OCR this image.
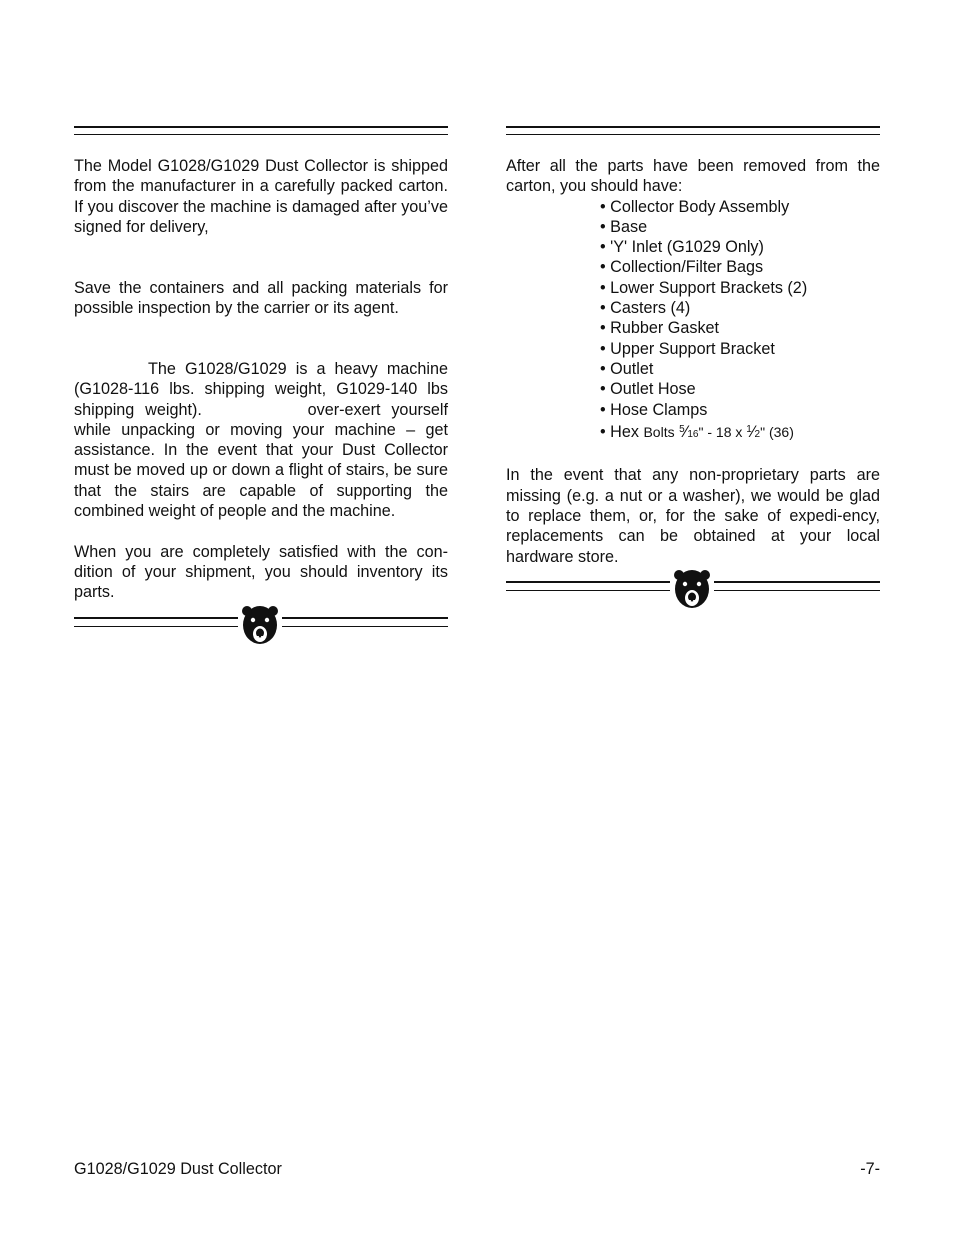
The Model G1028/G1029 Dust Collector is shipped from the manufacturer in a carefully packed carton. If you discover the machine is damaged after you’ve signed for delivery,

Save the containers and all packing materials for possible inspection by the carrier or its agent.

The G1028/G1029 is a heavy machine (G1028-116 lbs. shipping weight, G1029-140 lbs shipping weight).	over-exert yourself while unpacking or moving your machine – get assistance. In the event that your Dust Collector must be moved up or down a flight of stairs, be sure that the stairs are capable of supporting the combined weight of people and the machine.

When you are completely satisfied with the con-dition of your shipment, you should inventory its parts.

After all the parts have been removed from the carton, you should have:

• Collector Body Assembly
• Base
• 'Y' Inlet (G1029 Only)
• Collection/Filter Bags
• Lower Support Brackets (2)
• Casters (4)
• Rubber Gasket
• Upper Support Bracket
• Outlet
• Outlet Hose
• Hose Clamps
• Hex Bolts $^5$⁄16" - 18 x $^1$⁄2" (36)

In the event that any non-proprietary parts are missing (e.g. a nut or a washer), we would be glad to replace them, or, for the sake of expedi-ency, replacements can be obtained at your local hardware store.

G1028/G1029 Dust Collector	-7-
